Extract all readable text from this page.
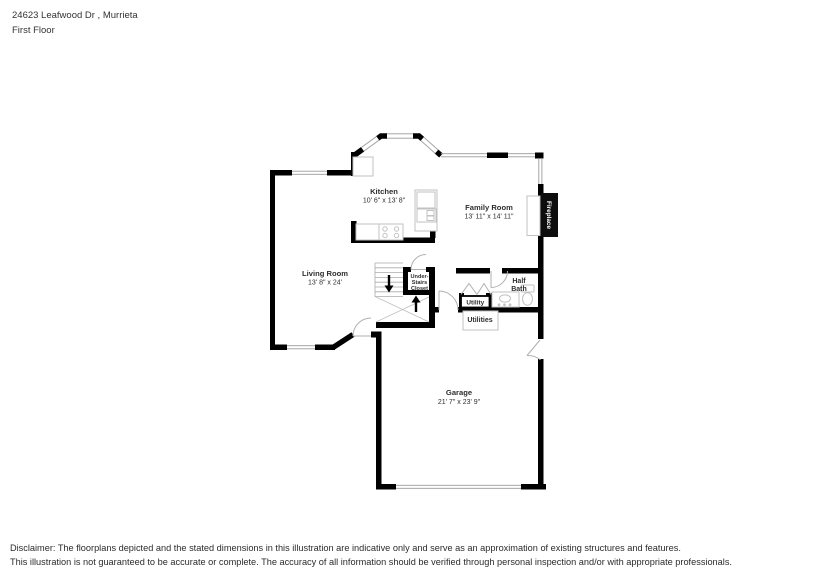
24623 Leafwood Dr , Murrieta
First Floor
Fireplace
Utility
Kitchen
10' 6" x 13' 8"
Family Room
13' 11" x 14' 11"
Living Room
13' 8" x 24'
Garage
21' 7" x 23' 9"
Half
Bath
Utilities
Under-
Stairs
Closet
Disclaimer: The floorplans depicted and the stated dimensions in this illustration are indicative only and serve as an approximation of existing structures and features.
This illustration is not guaranteed to be accurate or complete. The accuracy of all information should be verified through personal inspection and/or with appropriate professionals.
